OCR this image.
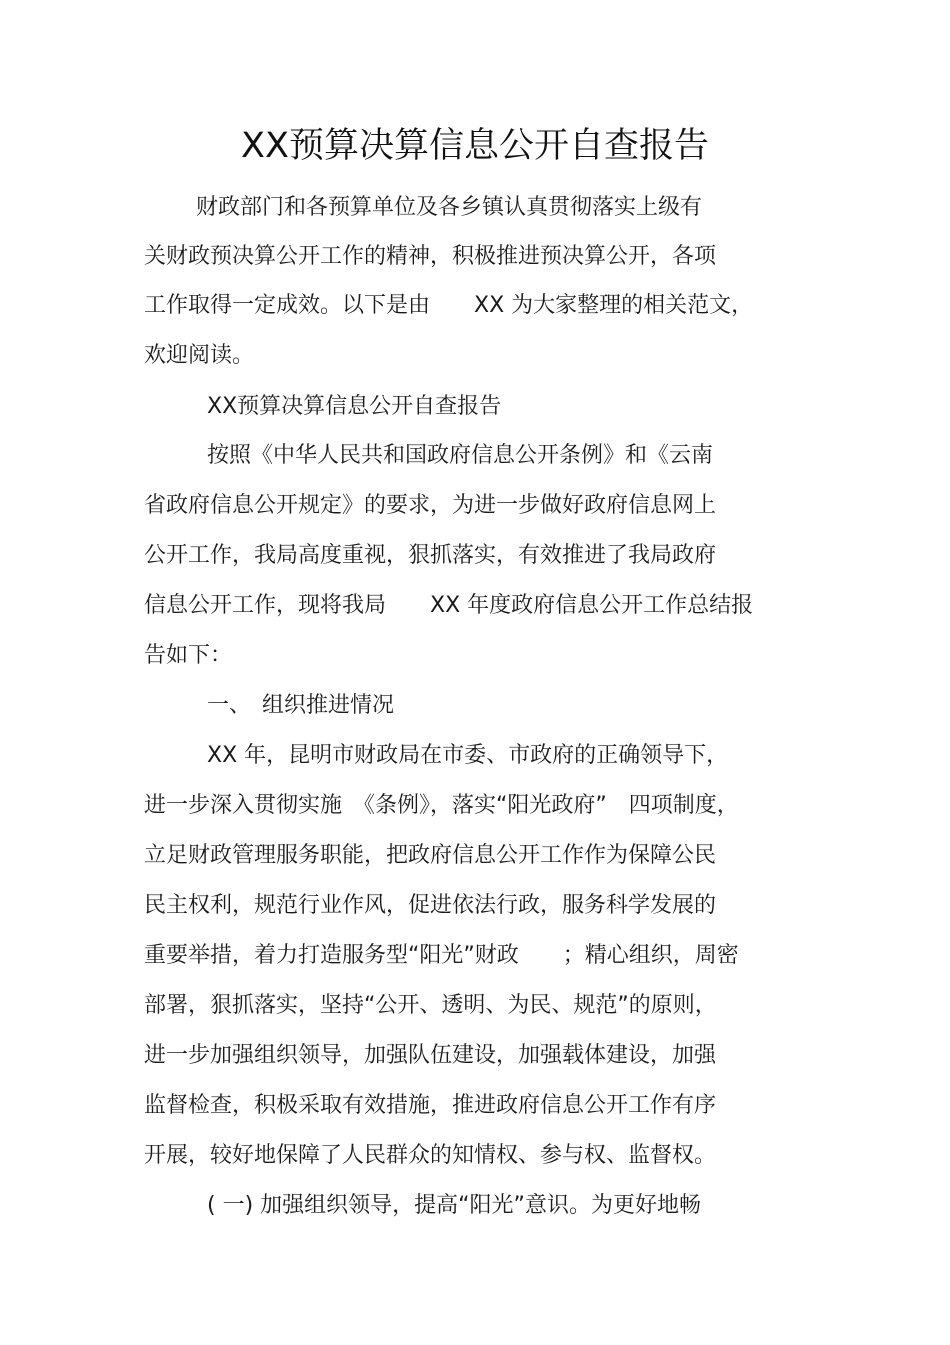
XX预算决算信息公开自查报告
财政部门和各预算单位及各乡镇认真贯彻落实上级有
关财政预决算公开工作的精神，积极推进预决算公开，各项
工作取得一定成效。以下是由　　XX 为大家整理的相关范文，
欢迎阅读。
XX预算决算信息公开自查报告
按照《中华人民共和国政府信息公开条例》和《云南
省政府信息公开规定》的要求，为进一步做好政府信息网上
公开工作，我局高度重视，狠抓落实，有效推进了我局政府
信息公开工作，现将我局　　XX 年度政府信息公开工作总结报
告如下：
一、　组织推进情况
XX 年，昆明市财政局在市委、市政府的正确领导下，
进一步深入贯彻实施　《条例》，落实“阳光政府”　四项制度，
立足财政管理服务职能，把政府信息公开工作作为保障公民
民主权利，规范行业作风，促进依法行政，服务科学发展的
重要举措，着力打造服务型“阳光”财政　　；精心组织，周密
部署，狠抓落实，坚持“公开、透明、为民、规范”的原则，
进一步加强组织领导，加强队伍建设，加强载体建设，加强
监督检查，积极采取有效措施，推进政府信息公开工作有序
开展，较好地保障了人民群众的知情权、参与权、监督权。
( 一) 加强组织领导，提高“阳光”意识。为更好地畅
